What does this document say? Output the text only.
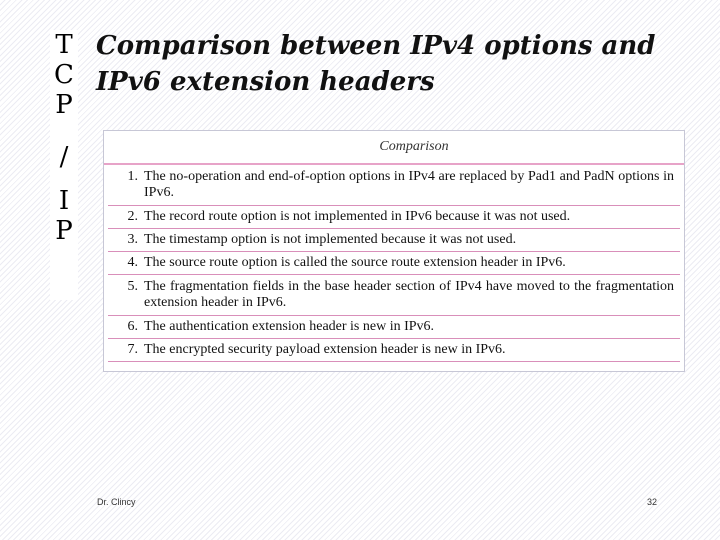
T
C
P
/
I
P
Comparison between IPv4 options and IPv6 extension headers
Comparison
1. The no-operation and end-of-option options in IPv4 are replaced by Pad1 and PadN options in IPv6.
2. The record route option is not implemented in IPv6 because it was not used.
3. The timestamp option is not implemented because it was not used.
4. The source route option is called the source route extension header in IPv6.
5. The fragmentation fields in the base header section of IPv4 have moved to the fragmentation extension header in IPv6.
6. The authentication extension header is new in IPv6.
7. The encrypted security payload extension header is new in IPv6.
Dr. Clincy	32
